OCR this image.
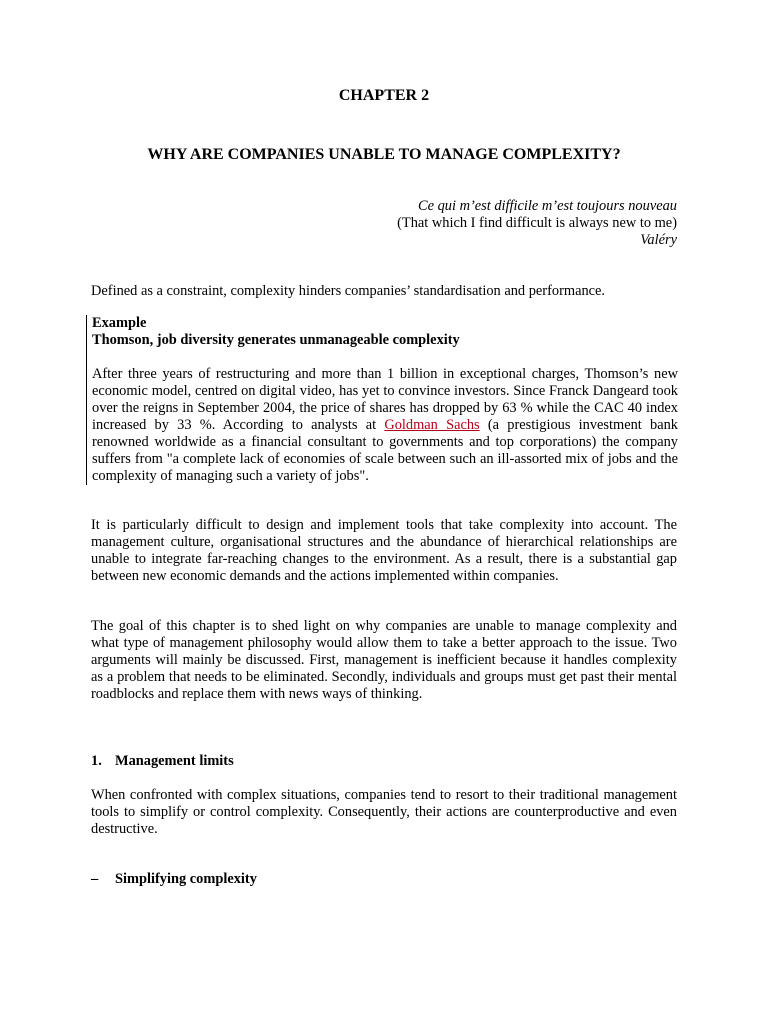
CHAPTER 2
WHY ARE COMPANIES UNABLE TO MANAGE COMPLEXITY?
Ce qui m’est difficile m’est toujours nouveau
(That which I find difficult is always new to me)
Valéry
Defined as a constraint, complexity hinders companies’ standardisation and performance.
Example
Thomson, job diversity generates unmanageable complexity
After three years of restructuring and more than 1 billion in exceptional charges, Thomson’s new economic model, centred on digital video, has yet to convince investors. Since Franck Dangeard took over the reigns in September 2004, the price of shares has dropped by 63 % while the CAC 40 index increased by 33 %. According to analysts at Goldman Sachs (a prestigious investment bank renowned worldwide as a financial consultant to governments and top corporations) the company suffers from "a complete lack of economies of scale between such an ill-assorted mix of jobs and the complexity of managing such a variety of jobs".
It is particularly difficult to design and implement tools that take complexity into account. The management culture, organisational structures and the abundance of hierarchical relationships are unable to integrate far-reaching changes to the environment. As a result, there is a substantial gap between new economic demands and the actions implemented within companies.
The goal of this chapter is to shed light on why companies are unable to manage complexity and what type of management philosophy would allow them to take a better approach to the issue. Two arguments will mainly be discussed. First, management is inefficient because it handles complexity as a problem that needs to be eliminated. Secondly, individuals and groups must get past their mental roadblocks and replace them with news ways of thinking.
1. Management limits
When confronted with complex situations, companies tend to resort to their traditional management tools to simplify or control complexity. Consequently, their actions are counterproductive and even destructive.
– Simplifying complexity
